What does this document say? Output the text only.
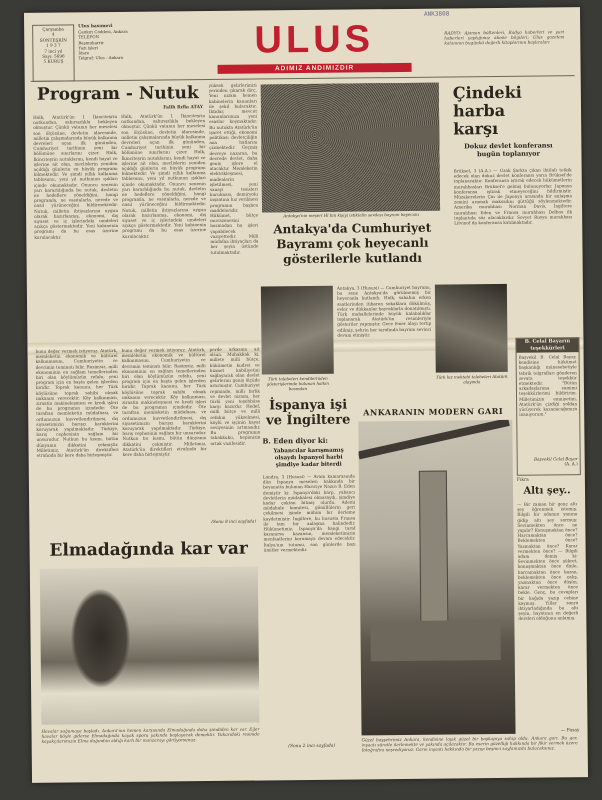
ANK3808
Çarşamba
4
SONTEŞRİN
1 9 3 7
7 inci yıl
Sayı: 5698
5 KURUŞ
Ulus basımevi
Çankırı Caddesi, Ankara
TELEFON
Başmuharrir
Yazı işleri
İdare
Telgraf: Ulus - Ankara	ULUS
ADIMIZ ANDIMIZDIR
RADYO: Ajansın bültenleri, Radyo haberleri ve yurt haberleri yaptığımız abone bilgileri; Ulus gazetesi kalanının bugünkü değerli kitaplarının başlıcaları
Program - Nutuk
Falih Rıfkı ATAY
Halk, Atatürk'ün 1 İkinciteşrin nutkundan, sabırsızlıkla bekleyen olmuştur. Çünkü vatanın her meselesi son ölçüsüne, devletin idaresinde, milletin çalışmalarında büyük kalkınma devreleri açan ilk gününden, Cumhuriyet tarihinin yeni bir bölümüne sınırlarını çizer. Halk, İkinciteşrin nutuklarını, kendi hayat ve işlerine ait olan, meclislerin yeniden açıldığı günlerin en büyük programı bilmektedir. Ve şimdi yıllık kalkınma tablosunu, yeni yıl nutkunun ışıkları içinde okumaktadır. Onuncu senenin yarı kararlılığında bu nutuk, devletin ne hedeflere yöneldiğini, hangi programla, ne vasıtalarla, nerede ve nasıl yürüneceğini bildirmektedir. Nutuk, milletin ihtiyaçlarına uygun olarak hazırlanmış, ekonomi, dış siyaset ve iç işlerindeki umdeleri açıkça göstermektedir. Yeni kabinenin programı da bu esas üzerine kurulacaktır.
Halk, Atatürk'ün 1 İkinciteşrin nutkundan, sabırsızlıkla bekleyen olmuştur. Çünkü vatanın her meselesi son ölçüsüne, devletin idaresinde, milletin çalışmalarında büyük kalkınma devreleri açan ilk gününden, Cumhuriyet tarihinin yeni bir bölümüne sınırlarını çizer. Halk, İkinciteşrin nutuklarını, kendi hayat ve işlerine ait olan, meclislerin yeniden açıldığı günlerin en büyük programı bilmektedir. Ve şimdi yıllık kalkınma tablosunu, yeni yıl nutkunun ışıkları içinde okumaktadır. Onuncu senenin yarı kararlılığında bu nutuk, devletin ne hedeflere yöneldiğini, hangi programla, ne vasıtalarla, nerede ve nasıl yürüneceğini bildirmektedir. Nutuk, milletin ihtiyaçlarına uygun olarak hazırlanmış, ekonomi, dış siyaset ve iç işlerindeki umdeleri açıkça göstermektedir. Yeni kabinenin programı da bu esas üzerine kurulacaktır.
yüksek gelirlerimizi yerinden çıkarak dirç, Yeni nizam hemen kabinelerin kanunları ile şekil bulacaktır. İktidar, mevcut kanunlarımıza yeni esaslar koymaktadır. Bu nutukta Atatürk'ün işaret ettiği, ekonomi politikası devletçiliğin ana hatlarını çizmektedir. Geçmiş devreye nazaran, bu devrede devlet, daha geniş işlere el atacaktır. Memleketin elektrikleşmesi, madenlerin işletilmesi, yeni sanayi tesisleri kurulması, demiryolu inşaatına hız verilmesi programın başlıca maddeleridir. Hükümet, bütçe muvazenesini bozmadan bu işleri yapabilecek vaziyettedir. Milli müdafaa ihtiyaçları da her şeyin üstünde tutulmaktadır.
Antakya'nın meşeri Hl bin kişiyi istiklalin sevdası bayram heyecanı
Antakya'da Cumhuriyet Bayramı çok heyecanlı gösterilerle kutlandı
Türk talebeleri kendilerinden gösterişlerinde bulunan halkın basından
Antakya, 3 (Hususi) — Cumhuriyet bayramı, bu sene Antakya'da görülmemiş bir heyecanla kutlandı. Halk, sabahın erken saatlerinden itibaren sokaklara dökülmüş, evler ve dükkanlar bayraklarla donatılmıştı. Türk mahallelerinde büyük kalabalıklar toplanarak Atatürk'ün resimleriyle gösteriler yapmıştır. Gece fener alayı tertip edilmiş, şehrin her tarafında bayram sevinci devam etmiştir.
Türk kız mektebi talebeleri Atatürk alayında
Çindeki harba karşı
Dokuz devlet konferansı bugün toplanıyor
Brüksel, 3 (A.A.) — Uzak Şarkta çıkan ihtilafı tetkik edecek olan dokuz devlet konferansı yarın Brüksel'de toplanacaktır. Konferansa iştirak edecek hükümetlerin murahhasları Brüksel'e gelmiş bulunuyorlar. Japonya konferansa iştirak etmeyeceğini bildirmiştir. Müzakerelerin Çin ile Japonya arasında bir anlaşma zemini aramak maksadını güttüğü söylenmektedir. Amerika murahhası Norman Davis, İngiltere murahhası Eden ve Fransa murahhası Delbos ilk toplantıda söz alacaklardır. Sovyet Rusya murahhası Litvinof da konferansa katılmaktadır.
B. Celal Bayarın teşekkürleri
Başvekil B. Celal Bayar, kendisine hükümet başkanlığı münasebetiyle tebrik telgrafları gönderen zevata teşekkür etmektedir. "Bütün arkadaşlarıma samimi teşekkürlerimi bildiririm. Milletimizin emniyetini, Atatürk'ün çizdiği yoldan yürüyerek kazanacağımıza inanıyorum."
Başvekil Celal Bayar
(A. A.)
bunu değer vermek istiyoruz. Atatürk, memleketin ekonomik ve kültürel kalkınmasını, Cumhuriyetin ve devrimin teminatı bilir. Rasimsiz, milli ekonominin en sağlam temellerinden biri olan köylümüzün refahı, yeni program için en başta gelen işlerden biridir. Toprak kanunu, her Türk köylüsüne toprak sahibi olmak imkanını verecektir. Köy kalkınması, ziraatin makineleşmesi ve kredi işleri de bu programın içindedir. Öte taraftan memleketin müdafaası, ve ordumuzun kuvvetlendirilmesi, dış siyasetimizin barışçı karakterini koruyarak yapılmaktadır. Türkiye, barış cephesinin sağlam bir unsurudur. Nutkun bu kısmı, bütün dünyanın dikkatini çekmiştir. Milletimiz, Atatürk'ün direktifleri etrafında bir kere daha birleşmiştir.
bunu değer vermek istiyoruz. Atatürk, memleketin ekonomik ve kültürel kalkınmasını, Cumhuriyetin ve devrimin teminatı bilir. Rasimsiz, milli ekonominin en sağlam temellerinden biri olan köylümüzün refahı, yeni program için en başta gelen işlerden biridir. Toprak kanunu, her Türk köylüsüne toprak sahibi olmak imkanını verecektir. Köy kalkınması, ziraatin makineleşmesi ve kredi işleri de bu programın içindedir. Öte taraftan memleketin müdafaası, ve ordumuzun kuvvetlendirilmesi, dış siyasetimizin barışçı karakterini koruyarak yapılmaktadır. Türkiye, barış cephesinin sağlam bir unsurudur. Nutkun bu kısmı, bütün dünyanın dikkatini çekmiştir. Milletimiz, Atatürk'ün direktifleri etrafında bir kere daha birleşmiştir.
perde arkasına ait olsun. Muhakkak ki, millete milli bütçe, hükümetin kudret ve hizmet kabiliyetini sağlayacak olan devlet gelirlerini geniş ölçüde artırmıştır. Cumhuriyet rejiminde, milli birlik ve devlet nizamı, her türlü yeni teşebbüse karşı hazırdır. Hedef, milli bütçe ve milli refahın yükselmesi, köylü ve işçinin hayat seviyesinin artmasıdır. Bu programın tahakkuku, hepimizin ortak vazifesidir.
(Sonu 8 inci sayfada)
İspanya işi ve İngiltere
B. Eden diyor ki:
Yabancılar karışmamış olsaydı İspanyol harbi şimdiye kadar biterdi
Londra, 3 (Hususi) — Avam kamarasında dün İspanya meselesi hakkında bir beyanatta bulunan Hariciye Nazırı B. Eden demiştir ki: İspanya'daki harp, yabancı devletlerin müdahalesi olmasaydı, şimdiye kadar çoktan bitmiş olurdu. Ademi müdahale komitesi, gönüllülerin geri çekilmesi işinde mühim bir ilerleme kaydetmiştir. İngiltere, bu hususta Fransa ile tam bir anlaşma halindedir. Hükümetimiz, İspanya'da hangi taraf kazanırsa kazansın, memleketimizin menfaatlerini korumaya devam edecektir. İtalya'nın tutumu, son günlerde bazı ümitler vermektedir.
(Sonu 2 inci sayfada)
ANKARANIN MODERN GARI
Güzel başşehrimiz Ankara, kendisine layık güzel bir başkapıya sahip oldu. Ankara garı. Bu gar, inşaatı süratle ilerlemekte ve yakında açılacaktır. Bu eserin güzelliği hakkında bir fikir vermek üzere fotoğrafını neşrediyoruz. Garın inşaatı hakkında bir yazıyı beşinci sayfamızda bulacaksınız.
Fıkra
Altı şey..
— Bir zaman bir genç altı şey öğrenmek istemiş. Bilgili bir adamın yanına gidip altı şey sormuş: Sevinmekten önce ne yapılır? Konuşmaktan önce? Harcamaktan önce? Beklemekten önce? Yazmaktan önce? Karar vermekten önce? — Bilgili adam demiş ki: Sevinmekten önce şükret, konuşmaktan önce dinle, harcamaktan önce kazan, beklemekten önce çalış, yazmaktan önce düşün, karar vermekten önce bekle. Genç, bu cevapları bir kağıda yazıp cebine koymuş. Yıllar sonra ihtiyarladığında bu altı şeyin, hayatının en değerli dersleri olduğunu anlamış.
— Fasay
Elmadağında kar var
Havalar soğumaya başladı. Ankara'nın hemen karşısında Elmadağında daha şimdiden kar var. Eğer havalar böyle giderse Elmadağında kayak sporu yakında başlayacak demektir. Yukarıdaki resimde kayakçılarımızın Elma dağından aldığı karlı bir manzarayı görüyorsunuz.
